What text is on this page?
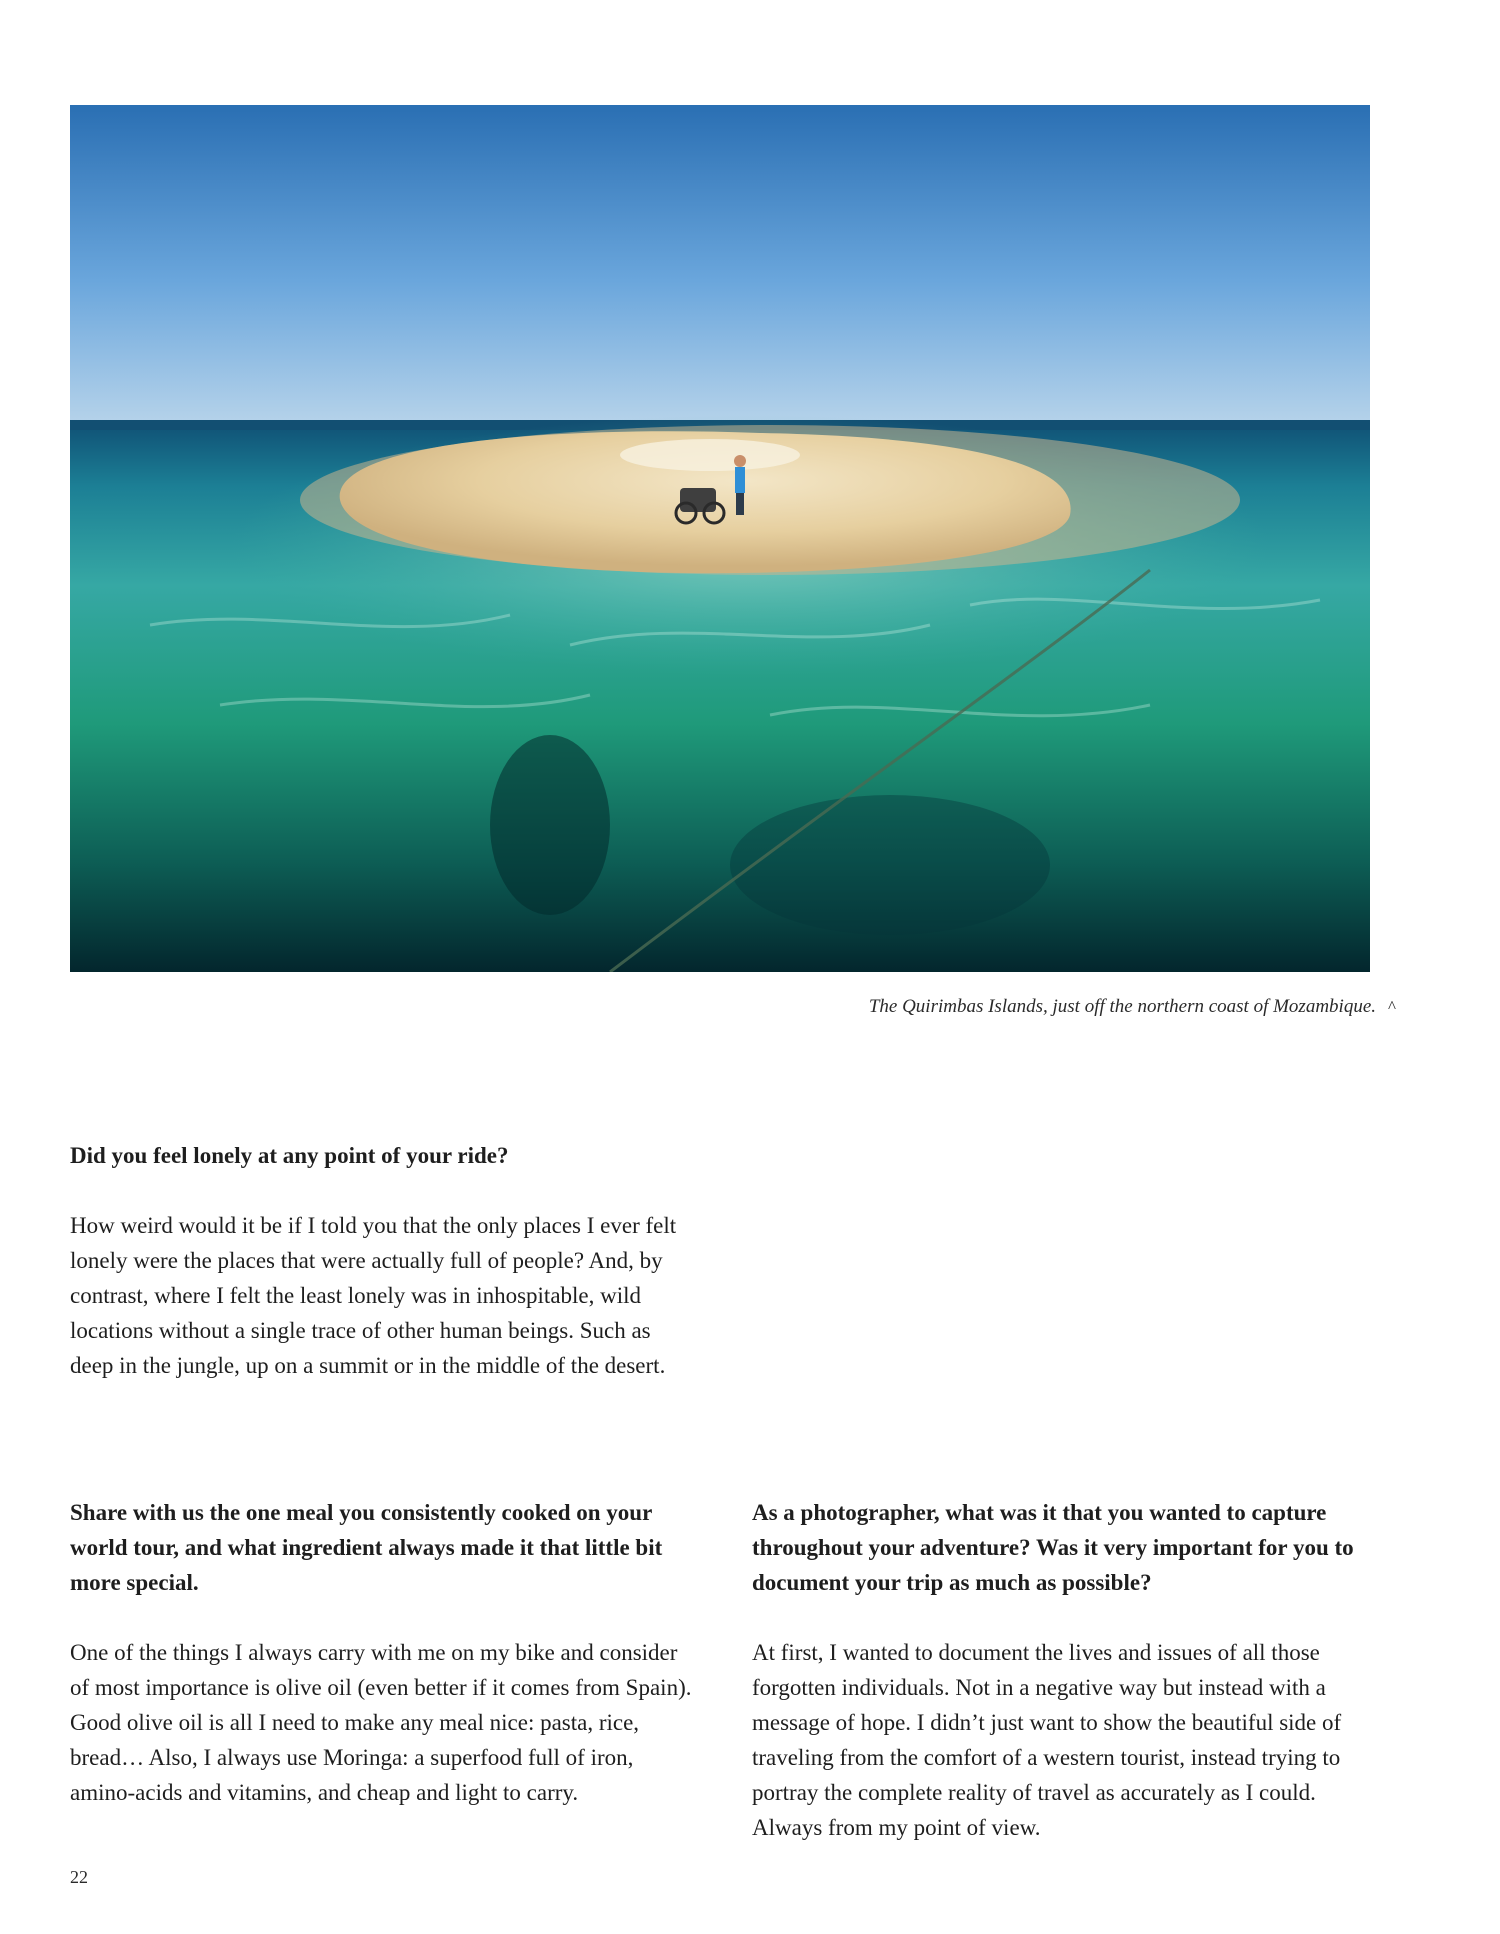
The Quirimbas Islands, just off the northern coast of Mozambique. ^

Did you feel lonely at any point of your ride?

How weird would it be if I told you that the only places I ever felt lonely were the places that were actually full of people? And, by contrast, where I felt the least lonely was in inhospitable, wild locations without a single trace of other human beings. Such as deep in the jungle, up on a summit or in the middle of the desert.

Share with us the one meal you consistently cooked on your world tour, and what ingredient always made it that little bit more special.

One of the things I always carry with me on my bike and consider of most importance is olive oil (even better if it comes from Spain). Good olive oil is all I need to make any meal nice: pasta, rice, bread… Also, I always use Moringa: a superfood full of iron, amino-acids and vitamins, and cheap and light to carry.

As a photographer, what was it that you wanted to capture throughout your adventure? Was it very important for you to document your trip as much as possible?

At first, I wanted to document the lives and issues of all those forgotten individuals. Not in a negative way but instead with a message of hope. I didn’t just want to show the beautiful side of traveling from the comfort of a western tourist, instead trying to portray the complete reality of travel as accurately as I could. Always from my point of view.

22
